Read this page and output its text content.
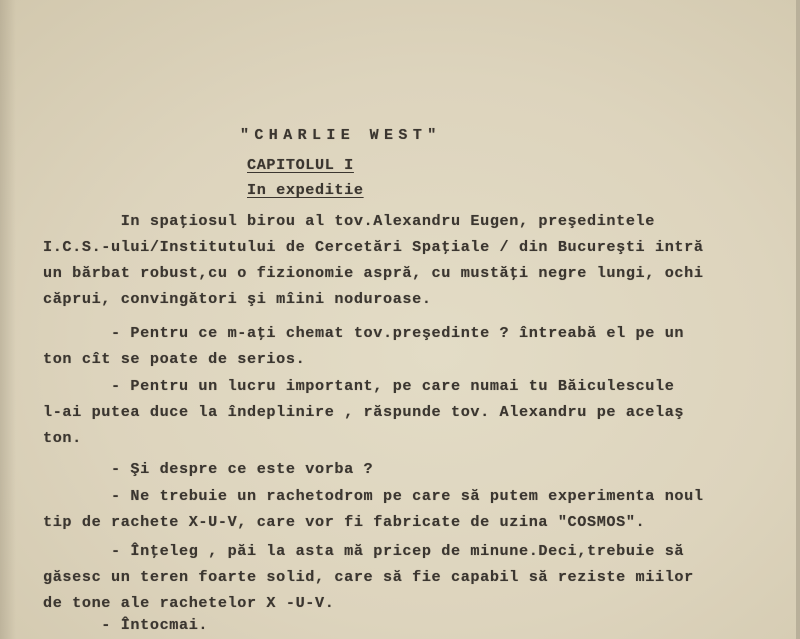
"CHARLIE WEST"
CAPITOLUL I
In expeditie
In spaţiosul birou al tov.Alexandru Eugen, preşedintele
I.C.S.-ului/Institutului de Cercetări Spaţiale / din Bucureşti intră
un bărbat robust,cu o fizionomie aspră, cu mustăţi negre lungi, ochi
căprui, convingători şi mîini noduroase.
- Pentru ce m-aţi chemat tov.preşedinte ? întreabă el pe un
ton cît se poate de serios.
- Pentru un lucru important, pe care numai tu Băiculescule
l-ai putea duce la îndeplinire , răspunde tov. Alexandru pe acelaş
ton.
- Şi despre ce este vorba ?
- Ne trebuie un rachetodrom pe care să putem experimenta noul
tip de rachete X-U-V, care vor fi fabricate de uzina "COSMOS".
- Înţeleg , păi la asta mă pricep de minune.Deci,trebuie să
găsesc un teren foarte solid, care să fie capabil să reziste miilor
de tone ale rachetelor X -U-V.
- Întocmai.
